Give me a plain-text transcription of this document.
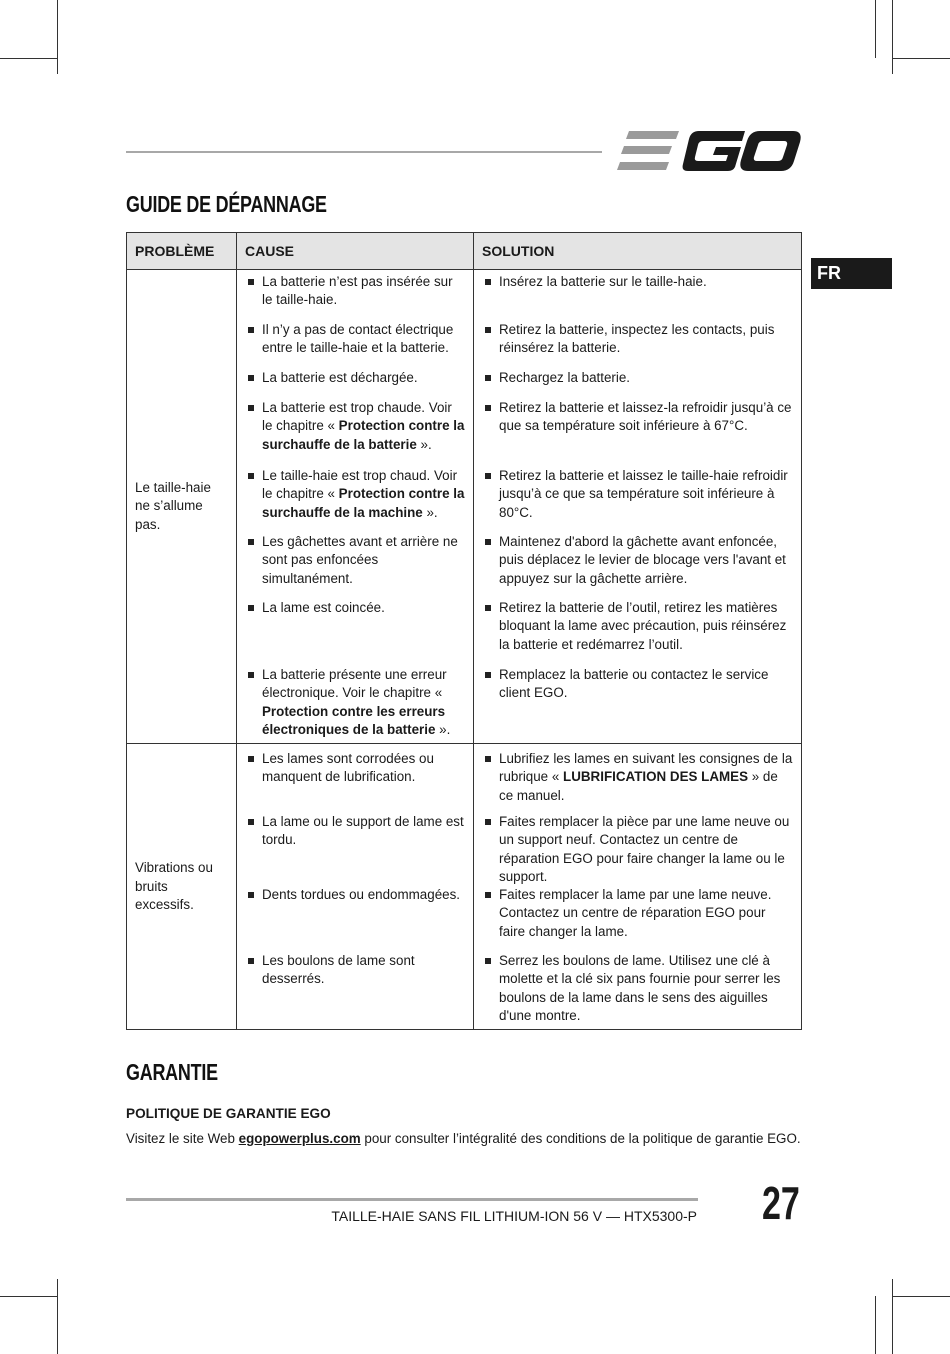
GUIDE DE DÉPANNAGE
FR
PROBLÈME	CAUSE	SOLUTION
Le taille-haie ne s’allume pas.	La batterie n’est pas insérée sur le taille-haie.	Insérez la batterie sur le taille-haie.

	Il n’y a pas de contact électrique entre le taille-haie et la batterie.	Retirez la batterie, inspectez les contacts, puis réinsérez la batterie.

	La batterie est déchargée.	Rechargez la batterie.

	La batterie est trop chaude. Voir le chapitre « Protection contre la surchauffe de la batterie ».	Retirez la batterie et laissez-la refroidir jusqu’à ce que sa température soit inférieure à 67°C.

	Le taille-haie est trop chaud. Voir le chapitre « Protection contre la surchauffe de la machine ».	Retirez la batterie et laissez le taille-haie refroidir jusqu’à ce que sa température soit inférieure à 80°C.

	Les gâchettes avant et arrière ne sont pas enfoncées simultanément.	Maintenez d'abord la gâchette avant enfoncée, puis déplacez le levier de blocage vers l'avant et appuyez sur la gâchette arrière.

	La lame est coincée.	Retirez la batterie de l’outil, retirez les matières bloquant la lame avec précaution, puis réinsérez la batterie et redémarrez l’outil.

	La batterie présente une erreur électronique. Voir le chapitre « Protection contre les erreurs électroniques de la batterie ».	Remplacez la batterie ou contactez le service client EGO.

Vibrations ou bruits excessifs.	Les lames sont corrodées ou manquent de lubrification.	Lubrifiez les lames en suivant les consignes de la rubrique « LUBRIFICATION DES LAMES » de ce manuel.

	La lame ou le support de lame est tordu.	Faites remplacer la pièce par une lame neuve ou un support neuf. Contactez un centre de réparation EGO pour faire changer la lame ou le support.

	Dents tordues ou endommagées.	Faites remplacer la lame par une lame neuve. Contactez un centre de réparation EGO pour faire changer la lame.

	Les boulons de lame sont desserrés.	Serrez les boulons de lame. Utilisez une clé à molette et la clé six pans fournie pour serrer les boulons de la lame dans le sens des aiguilles d'une montre.
GARANTIE
POLITIQUE DE GARANTIE EGO
Visitez le site Web egopowerplus.com pour consulter l’intégralité des conditions de la politique de garantie EGO.
TAILLE-HAIE SANS FIL LITHIUM-ION 56 V — HTX5300-P 27
